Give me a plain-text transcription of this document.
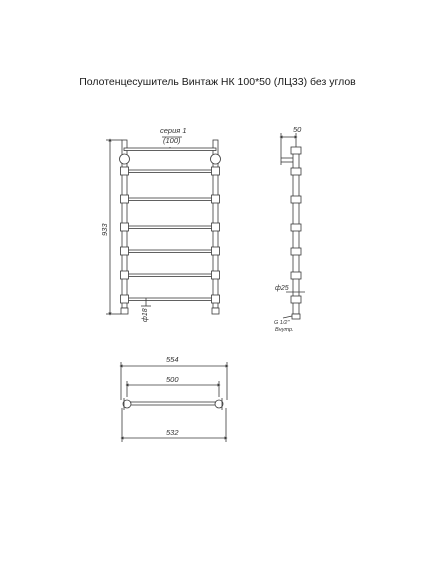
Полотенцесушитель Винтаж НК 100*50 (ЛЦ33) без углов
серия 1
(100)
933
ф18
50
ф25
G 1/2"
Внутр.
554
500
532
